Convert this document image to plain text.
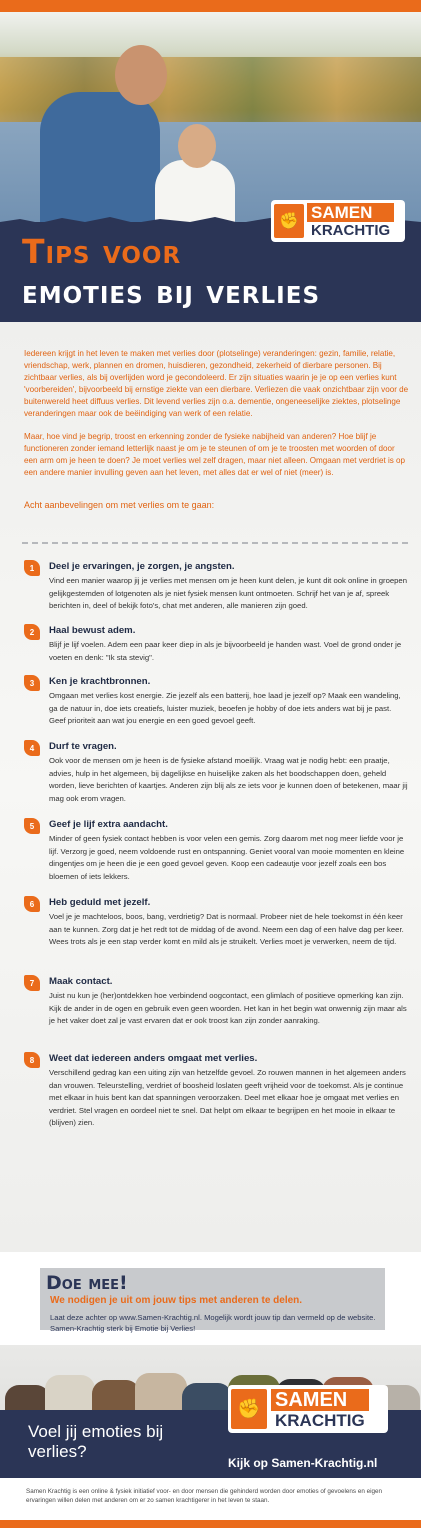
Tips voor
emoties bij verlies
✊ SAMEN
KRACHTIG

Iedereen krijgt in het leven te maken met verlies door (plotselinge) veranderingen: gezin, familie, relatie, vriendschap, werk, plannen en dromen, huisdieren, gezondheid, zekerheid of dierbare personen. Bij zichtbaar verlies, als bij overlijden word je gecondoleerd. Er zijn situaties waarin je je op een verlies kunt 'voorbereiden', bijvoorbeeld bij ernstige ziekte van een dierbare. Verliezen die vaak onzichtbaar zijn voor de buitenwereld heet diffuus verlies. Dit levend verlies zijn o.a. dementie, ongeneeselijke ziektes, plotselinge veranderingen maar ook de beëindiging van werk of een relatie.

Maar, hoe vind je begrip, troost en erkenning zonder de fysieke nabijheid van anderen? Hoe blijf je functioneren zonder iemand letterlijk naast je om je te steunen of om je te troosten met woorden of door een arm om je heen te doen? Je moet verlies wel zelf dragen, maar niet alleen. Omgaan met verdriet is op een andere manier invulling geven aan het leven, met alles dat er wel of niet (meer) is.

Acht aanbevelingen om met verlies om te gaan:
1	Deel je ervaringen, je zorgen, je angsten.
Vind een manier waarop jij je verlies met mensen om je heen kunt delen, je kunt dit ook online in groepen gelijkgestemden of lotgenoten als je niet fysiek mensen kunt ontmoeten. Schrijf het van je af, spreek berichten in, deel of bekijk foto's, chat met anderen, alle manieren zijn goed.
2	Haal bewust adem.
Blijf je lijf voelen. Adem een paar keer diep in als je bijvoorbeeld je handen wast. Voel de grond onder je voeten en denk: "Ik sta stevig".
3	Ken je krachtbronnen.
Omgaan met verlies kost energie. Zie jezelf als een batterij, hoe laad je jezelf op? Maak een wandeling, ga de natuur in, doe iets creatiefs, luister muziek, beoefen je hobby of doe iets anders wat bij je past. Geef prioriteit aan wat jou energie en een goed gevoel geeft.
4	Durf te vragen.
Ook voor de mensen om je heen is de fysieke afstand moeilijk. Vraag wat je nodig hebt: een praatje, advies, hulp in het algemeen, bij dagelijkse en huiselijke zaken als het boodschappen doen, geheld worden, lieve berichten of kaartjes. Anderen zijn blij als ze iets voor je kunnen doen of betekenen, maar jij mag ook erom vragen.
5	Geef je lijf extra aandacht.
Minder of geen fysiek contact hebben is voor velen een gemis. Zorg daarom met nog meer liefde voor je lijf. Verzorg je goed, neem voldoende rust en ontspanning. Geniet vooral van mooie momenten en kleine dingentjes om je heen die je een goed gevoel geven. Koop een cadeautje voor jezelf zoals een bos bloemen of iets lekkers.
6	Heb geduld met jezelf.
Voel je je machteloos, boos, bang, verdrietig? Dat is normaal. Probeer niet de hele toekomst in één keer aan te kunnen. Zorg dat je het redt tot de middag of de avond. Neem een dag of een halve dag per keer. Wees trots als je een stap verder komt en mild als je struikelt. Verlies moet je verwerken, neem de tijd.
7	Maak contact.
Juist nu kun je (her)ontdekken hoe verbindend oogcontact, een glimlach of positieve opmerking kan zijn. Kijk de ander in de ogen en gebruik even geen woorden. Het kan in het begin wat onwennig zijn maar als je het vaker doet zal je vast ervaren dat er ook troost kan zijn zonder aanraking.
8	Weet dat iedereen anders omgaat met verlies.
Verschillend gedrag kan een uiting zijn van hetzelfde gevoel. Zo rouwen mannen in het algemeen anders dan vrouwen. Teleurstelling, verdriet of boosheid loslaten geeft vrijheid voor de toekomst. Als je continue met elkaar in huis bent kan dat spanningen veroorzaken. Deel met elkaar hoe je omgaat met verlies en verdriet. Stel vragen en oordeel niet te snel. Dat helpt om elkaar te begrijpen en het mooie in elkaar te (blijven) zien.
Doe mee!
We nodigen je uit om jouw tips met anderen te delen.
Laat deze achter op www.Samen-Krachtig.nl. Mogelijk wordt jouw tip dan vermeld op de website. Samen-Krachtig sterk bij Emotie bij Verlies!
✊ SAMEN
KRACHTIG
Voel jij emoties bij verlies?
Kijk op Samen-Krachtig.nl
Samen Krachtig is een online & fysiek initiatief voor- en door mensen die gehinderd worden door emoties of gevoelens en eigen ervaringen willen delen met anderen om er zo samen krachtigerer in het leven te staan.
